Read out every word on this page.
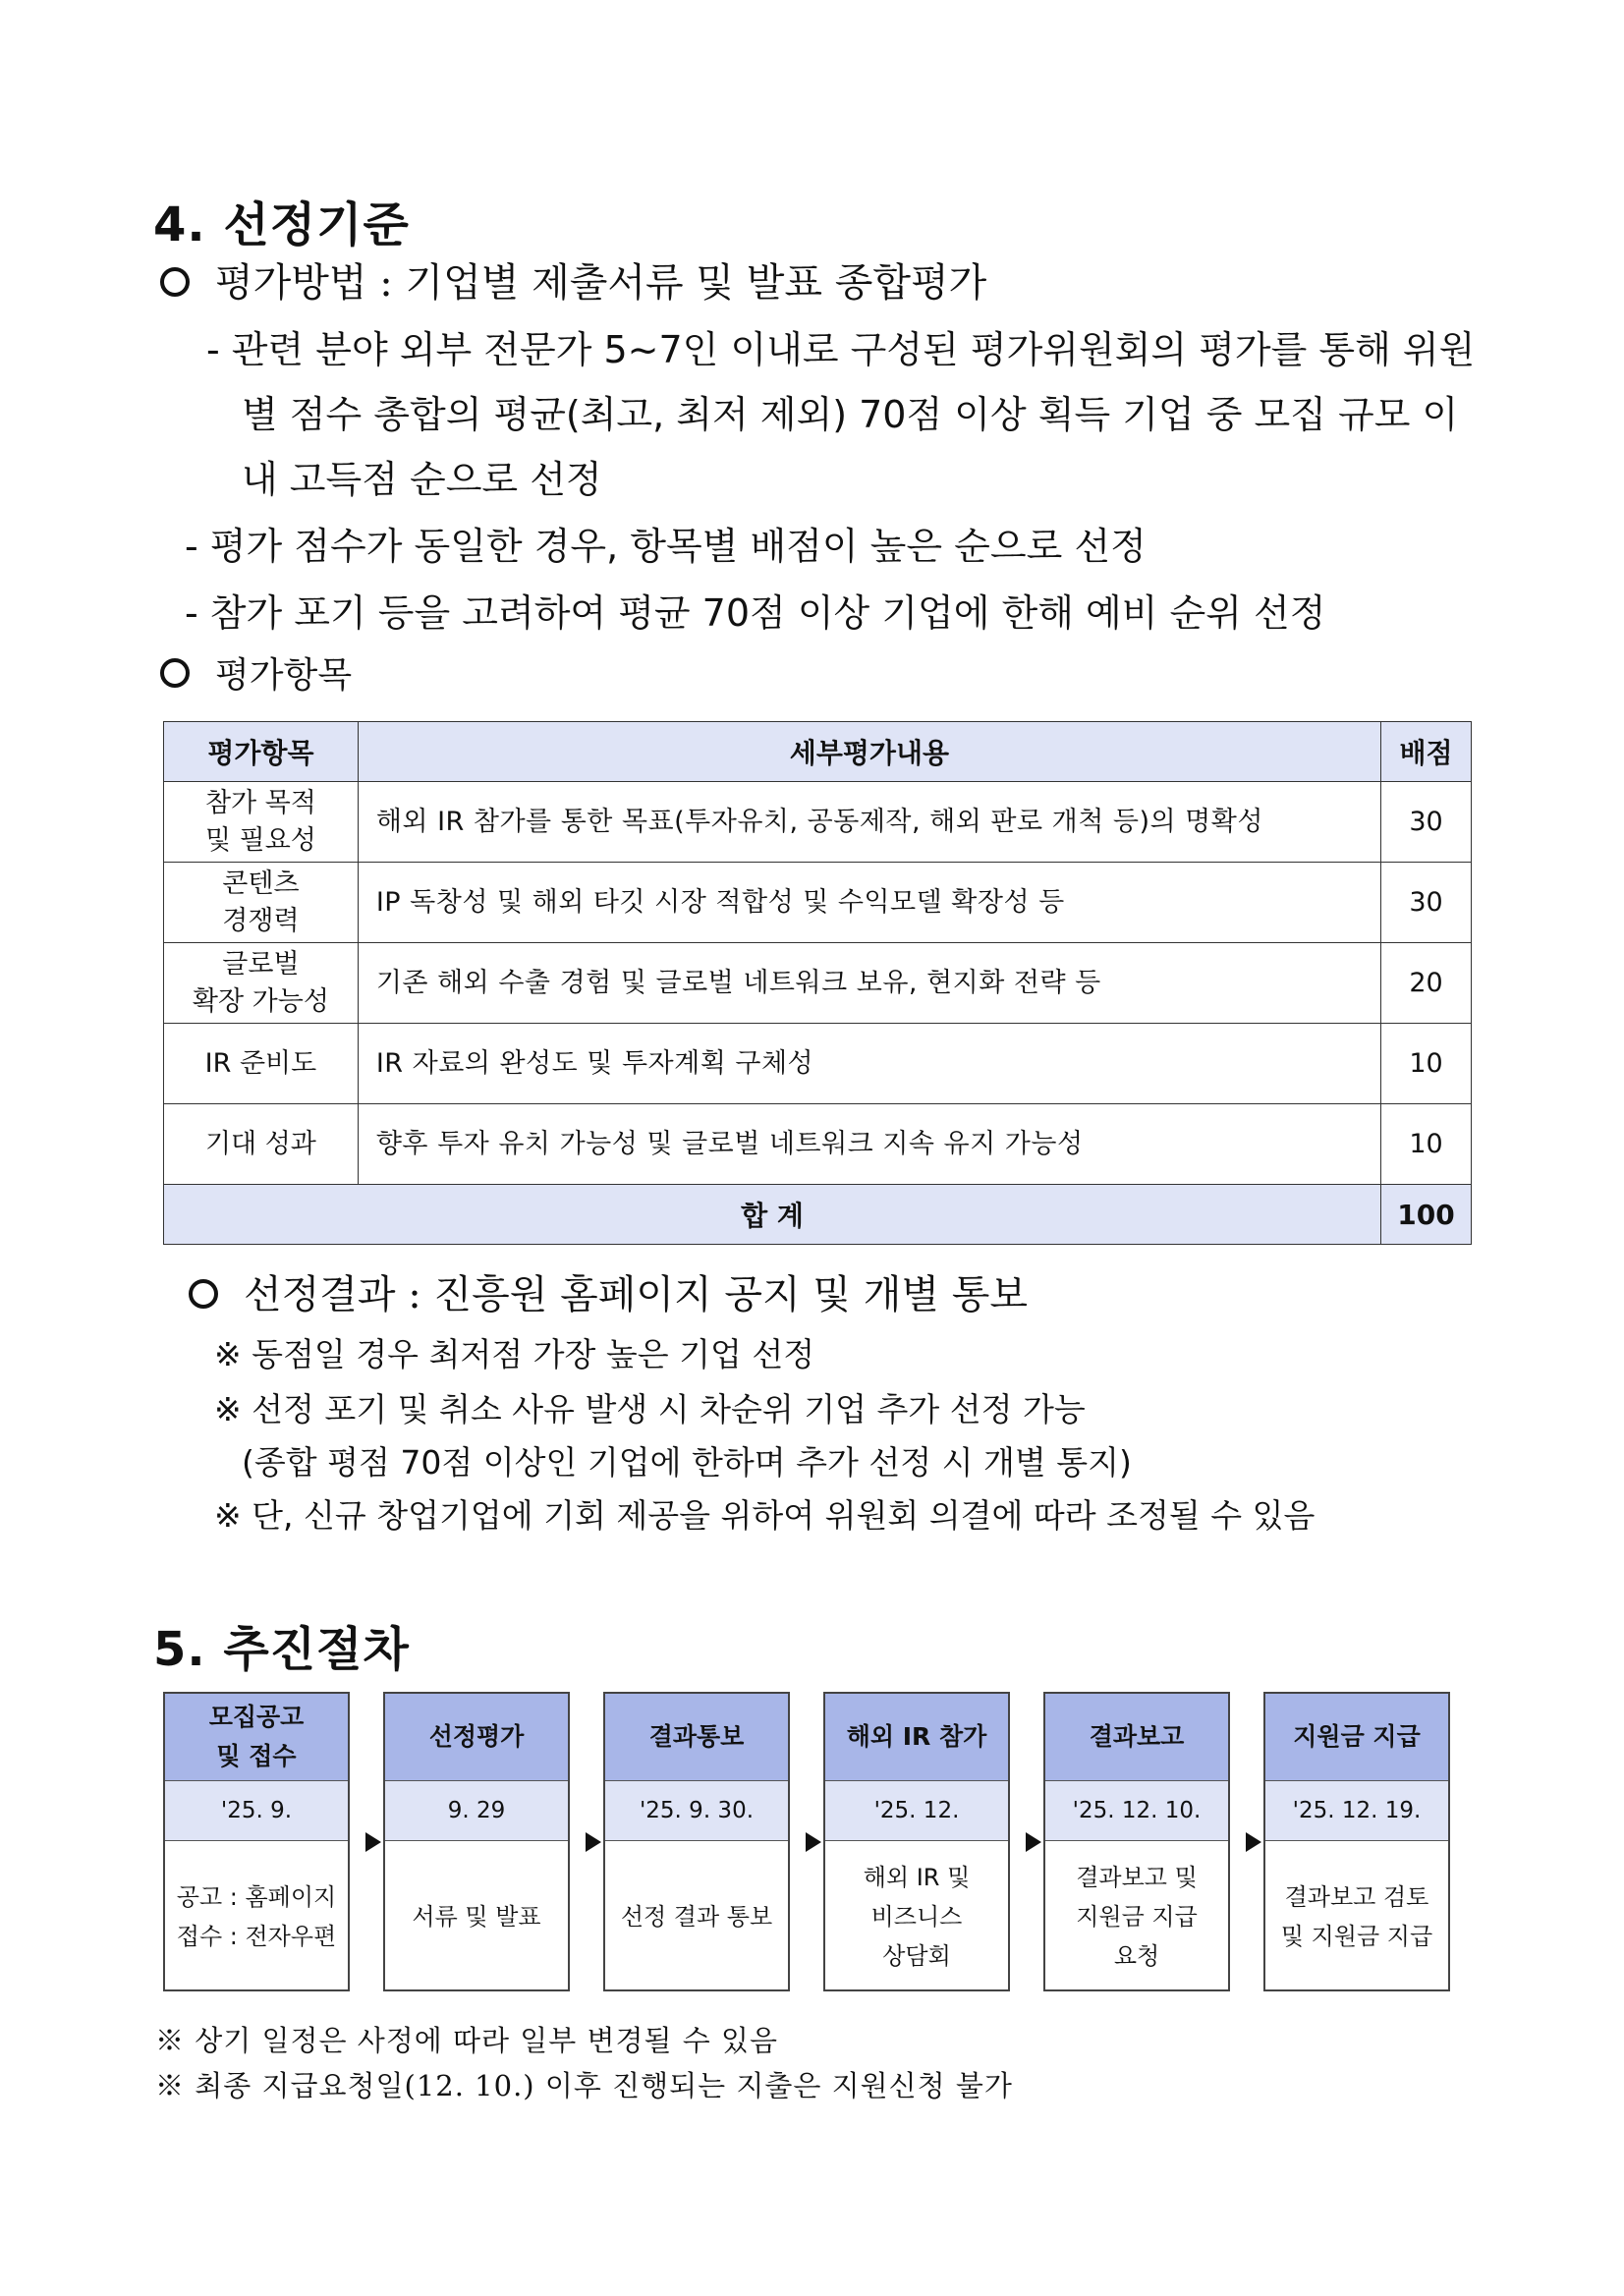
4. 선정기준
평가방법 : 기업별 제출서류 및 발표 종합평가
- 관련 분야 외부 전문가 5~7인 이내로 구성된 평가위원회의 평가를 통해 위원
별 점수 총합의 평균(최고, 최저 제외) 70점 이상 획득 기업 중 모집 규모 이
내 고득점 순으로 선정
- 평가 점수가 동일한 경우, 항목별 배점이 높은 순으로 선정
- 참가 포기 등을 고려하여 평균 70점 이상 기업에 한해 예비 순위 선정
평가항목
평가항목	세부평가내용	배점
참가 목적
및 필요성	해외 IR 참가를 통한 목표(투자유치, 공동제작, 해외 판로 개척 등)의 명확성	30
콘텐츠
경쟁력	IP 독창성 및 해외 타깃 시장 적합성 및 수익모델 확장성 등	30
글로벌
확장 가능성	기존 해외 수출 경험 및 글로벌 네트워크 보유, 현지화 전략 등	20
IR 준비도	IR 자료의 완성도 및 투자계획 구체성	10
기대 성과	향후 투자 유치 가능성 및 글로벌 네트워크 지속 유지 가능성	10
합 계		100
선정결과 : 진흥원 홈페이지 공지 및 개별 통보
※ 동점일 경우 최저점 가장 높은 기업 선정
※ 선정 포기 및 취소 사유 발생 시 차순위 기업 추가 선정 가능
(종합 평점 70점 이상인 기업에 한하며 추가 선정 시 개별 통지)
※ 단, 신규 창업기업에 기회 제공을 위하여 위원회 의결에 따라 조정될 수 있음
5. 추진절차
모집공고
및 접수
'25. 9.
공고 : 홈페이지
접수 : 전자우편
선정평가
9. 29
서류 및 발표
결과통보
'25. 9. 30.
선정 결과 통보
해외 IR 참가
'25. 12.
해외 IR 및
비즈니스
상담회
결과보고
'25. 12. 10.
결과보고 및
지원금 지급
요청
지원금 지급
'25. 12. 19.
결과보고 검토
및 지원금 지급
※ 상기 일정은 사정에 따라 일부 변경될 수 있음
※ 최종 지급요청일(12. 10.) 이후 진행되는 지출은 지원신청 불가
